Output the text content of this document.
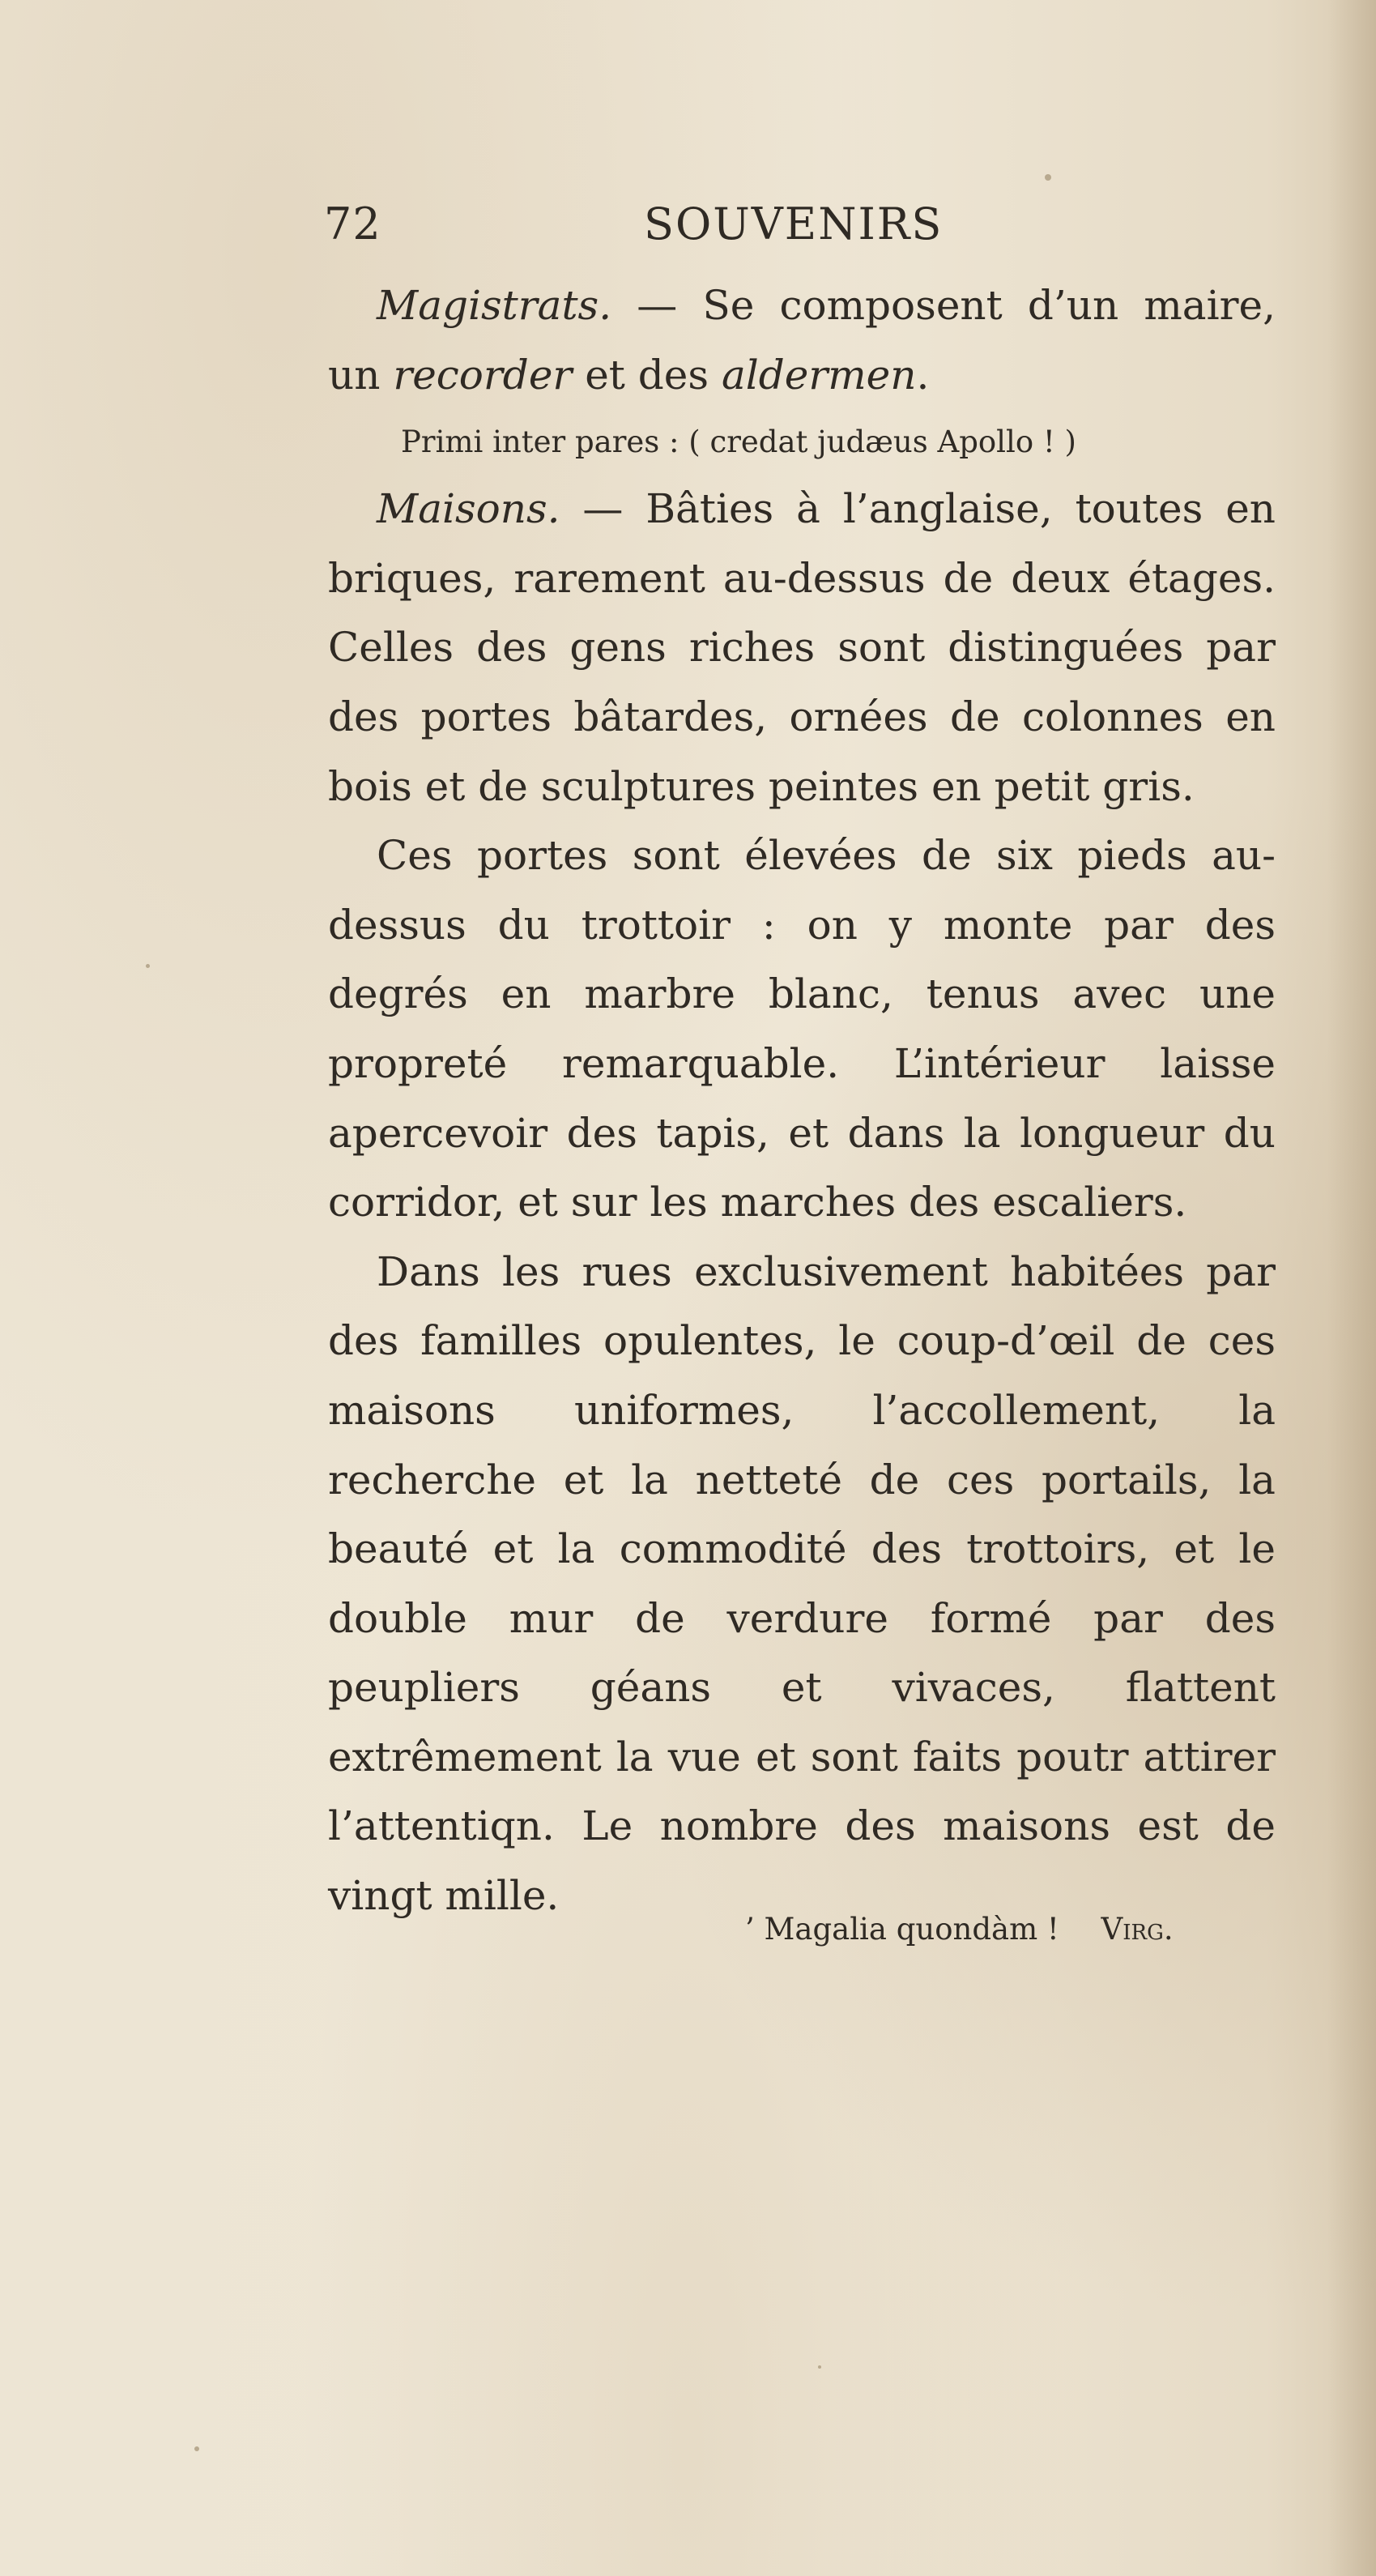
72	SOUVENIRS

Magistrats. — Se composent d’un maire, un recorder et des aldermen.

Primi inter pares : ( credat judæus Apollo ! )

Maisons. — Bâties à l’anglaise, toutes en briques, rarement au-dessus de deux étages. Celles des gens riches sont distinguées par des portes bâtardes, ornées de colonnes en bois et de sculptures peintes en petit gris.

Ces portes sont élevées de six pieds au-dessus du trottoir : on y monte par des degrés en marbre blanc, tenus avec une propreté remarquable. L’intérieur laisse apercevoir des tapis, et dans la longueur du corridor, et sur les marches des escaliers.

Dans les rues exclusivement habitées par des familles opulentes, le coup-d’œil de ces maisons uniformes, l’accollement, la recherche et la netteté de ces portails, la beauté et la commodité des trottoirs, et le double mur de verdure formé par des peupliers géans et vivaces, flattent extrêmement la vue et sont faits poutr attirer l’attentiqn. Le nombre des maisons est de vingt mille.

’ Magalia quondàm ! Virg.
